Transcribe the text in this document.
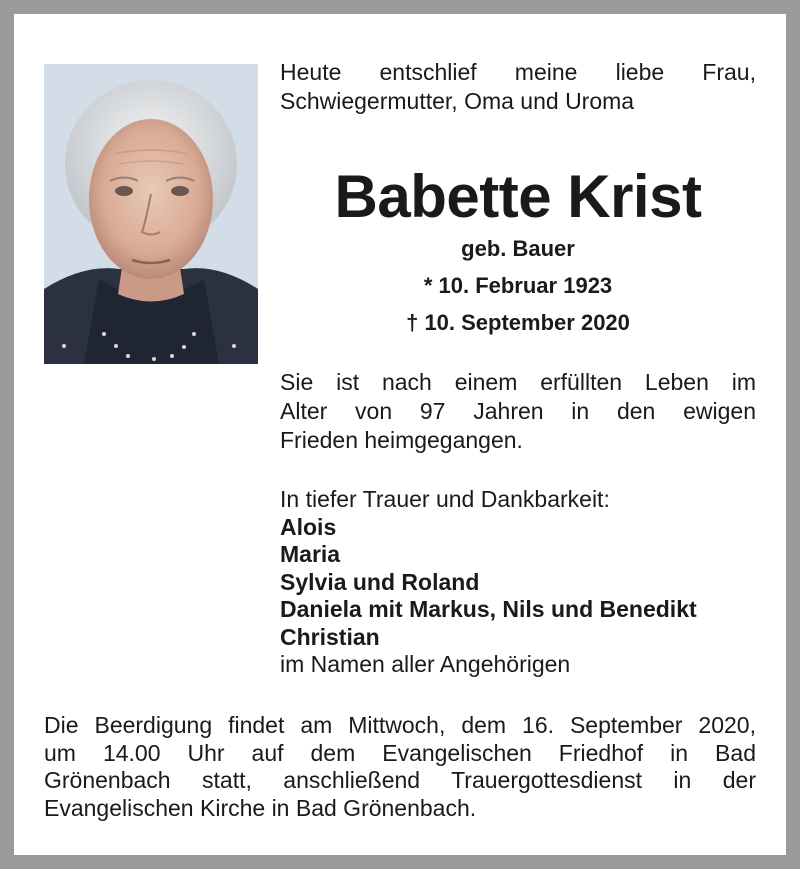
Heute entschlief meine liebe Frau,
Schwiegermutter, Oma und Uroma
Babette Krist
geb. Bauer
* 10. Februar 1923
† 10. September 2020
Sie ist nach einem erfüllten Leben im
Alter von 97 Jahren in den ewigen
Frieden heimgegangen.
In tiefer Trauer und Dankbarkeit:
Alois
Maria
Sylvia und Roland
Daniela mit Markus, Nils und Benedikt
Christian
im Namen aller Angehörigen
Die Beerdigung findet am Mittwoch, dem 16. September 2020,
um 14.00 Uhr auf dem Evangelischen Friedhof in Bad
Grönenbach statt, anschließend Trauergottesdienst in der
Evangelischen Kirche in Bad Grönenbach.
